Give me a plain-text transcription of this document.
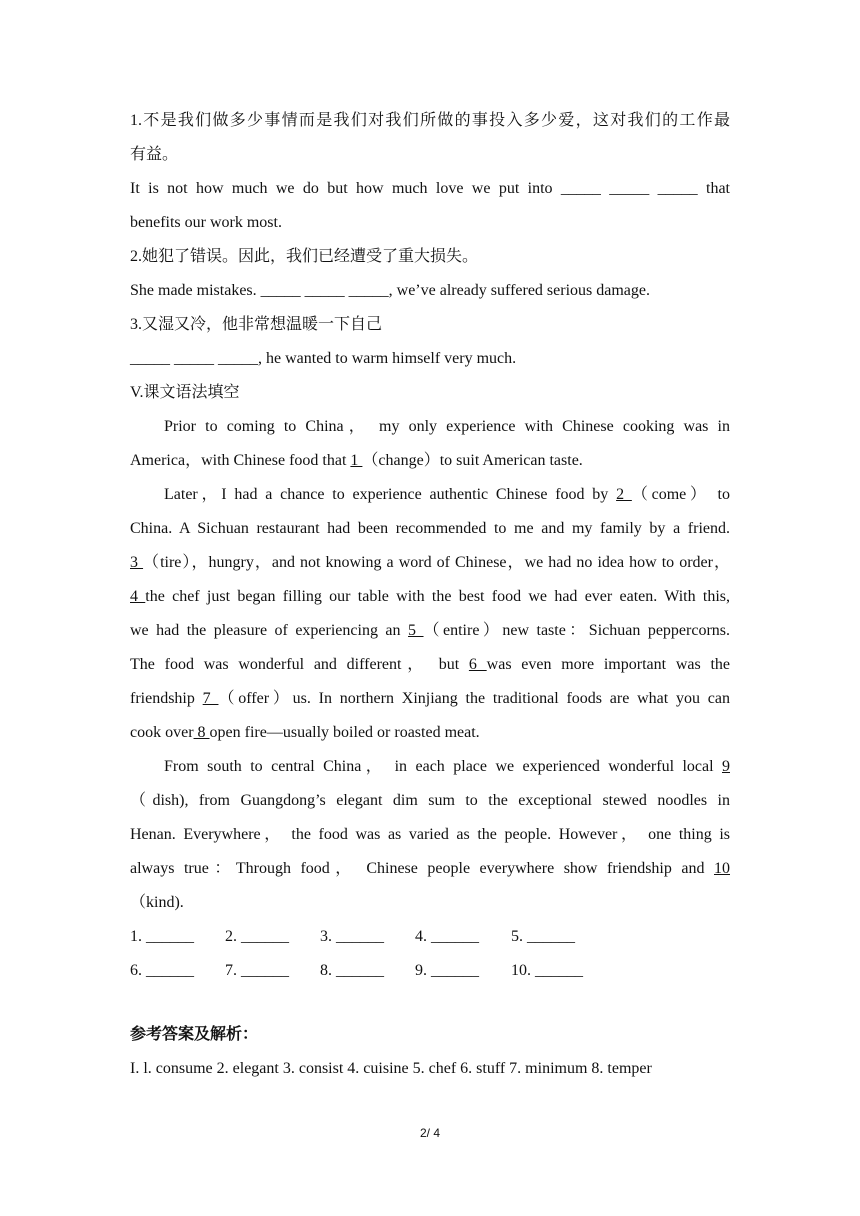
1.不是我们做多少事情而是我们对我们所做的事投入多少爱，这对我们的工作最
有益。
It is not how much we do but how much love we put into _____ _____ _____ that
benefits our work most.
2.她犯了错误。因此，我们已经遭受了重大损失。
She made mistakes. _____ _____ _____, we’ve already suffered serious damage.
3.又湿又冷，他非常想温暖一下自己
_____ _____ _____, he wanted to warm himself very much.
V.课文语法填空
Prior to coming to China， my only experience with Chinese cooking was in
America，with Chinese food that 1 （change）to suit American taste.
Later，I had a chance to experience authentic Chinese food by 2 （come） to
China. A Sichuan restaurant had been recommended to me and my family by a friend.
3 （tire），hungry，and not knowing a word of Chinese，we had no idea how to order，
4 the chef just began filling our table with the best food we had ever eaten. With this,
we had the pleasure of experiencing an 5 （entire）new taste：Sichuan peppercorns.
The food was wonderful and different， but 6 was even more important was the
friendship 7 （offer）us. In northern Xinjiang the traditional foods are what you can
cook over 8 open fire—usually boiled or roasted meat.
From south to central China， in each place we experienced wonderful local 9
（dish), from Guangdong’s elegant dim sum to the exceptional stewed noodles in
Henan. Everywhere， the food was as varied as the people. However， one thing is
always true：Through food， Chinese people everywhere show friendship and 10
（kind).
1. ______ 2. ______ 3. ______ 4. ______ 5. ______
6. ______ 7. ______ 8. ______ 9. ______ 10. ______
参考答案及解析：
I. l. consume 2. elegant 3. consist 4. cuisine 5. chef 6. stuff 7. minimum 8. temper
2/ 4
